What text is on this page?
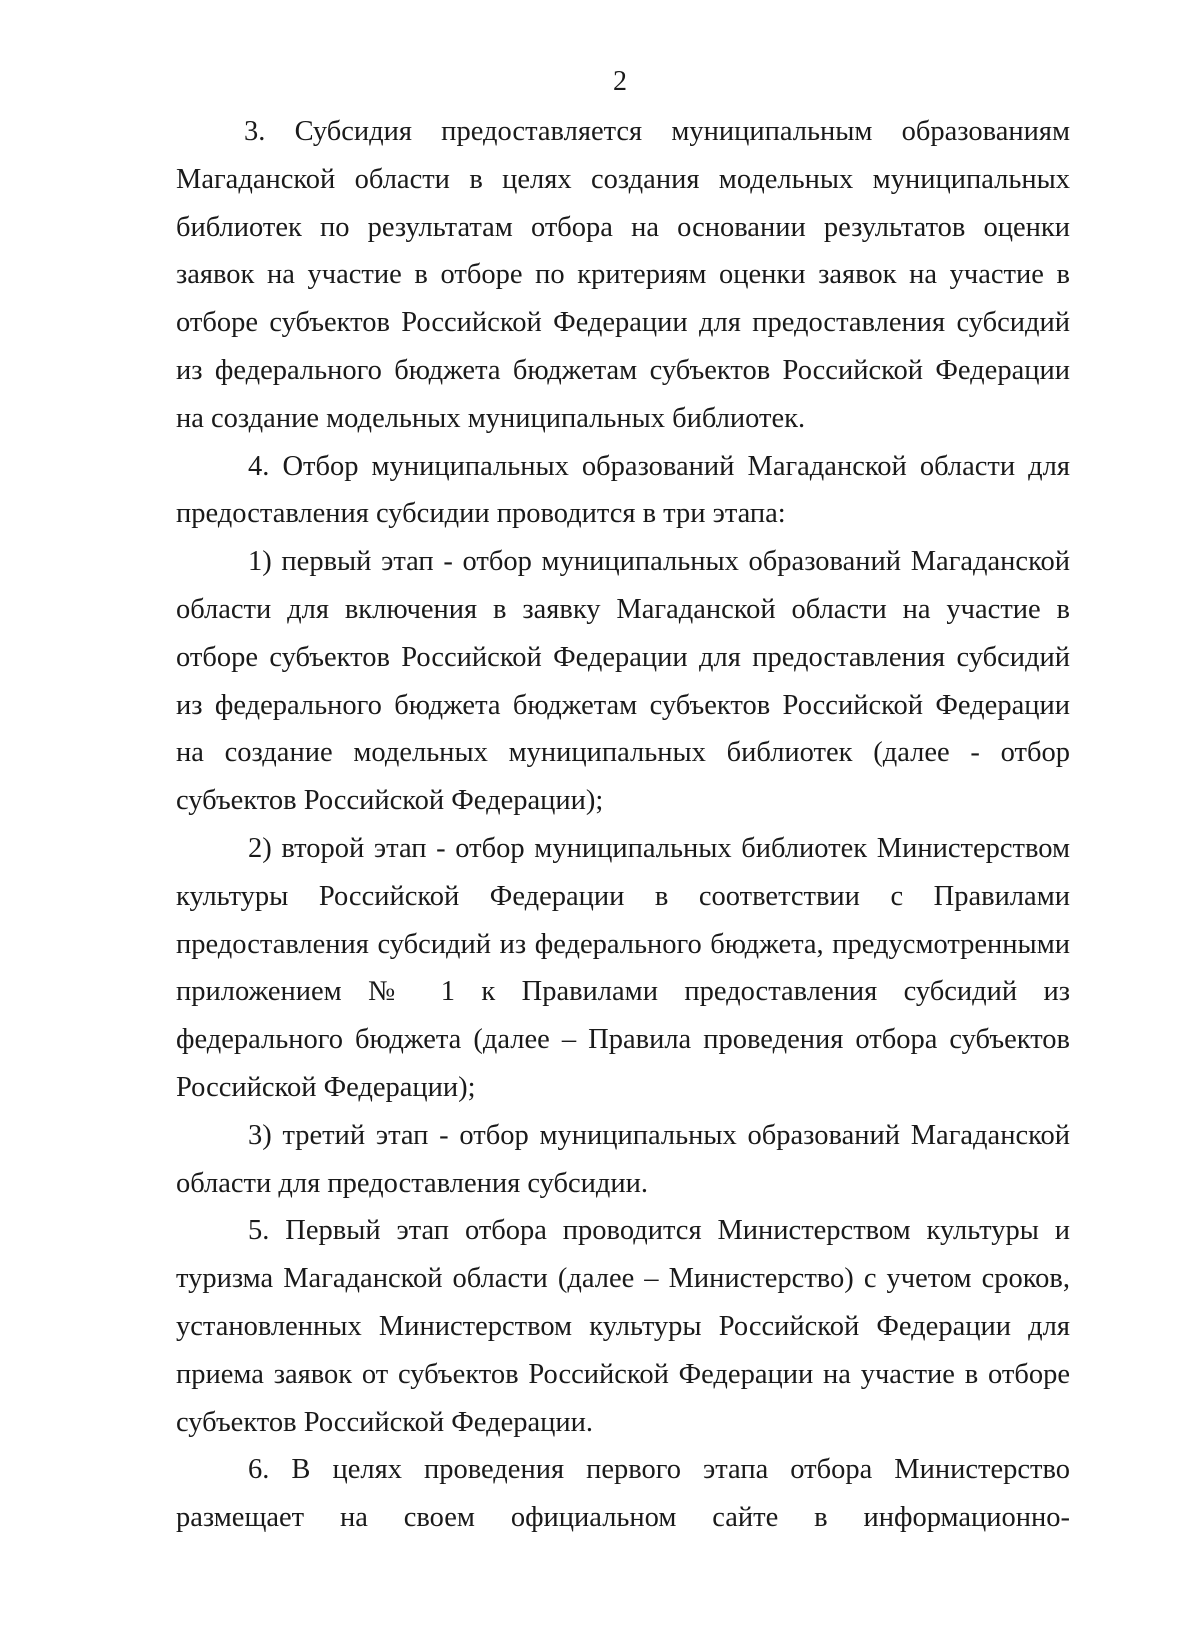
2

3. Субсидия предоставляется муниципальным образованиям Магаданской области в целях создания модельных муниципальных библиотек по результатам отбора на основании результатов оценки заявок на участие в отборе по критериям оценки заявок на участие в отборе субъектов Российской Федерации для предоставления субсидий из федерального бюджета бюджетам субъектов Российской Федерации на создание модельных муниципальных библиотек.

4. Отбор муниципальных образований Магаданской области для предоставления субсидии проводится в три этапа:

1) первый этап - отбор муниципальных образований Магаданской области для включения в заявку Магаданской области на участие в отборе субъектов Российской Федерации для предоставления субсидий из федерального бюджета бюджетам субъектов Российской Федерации на создание модельных муниципальных библиотек (далее - отбор субъектов Российской Федерации);

2) второй этап - отбор муниципальных библиотек Министерством культуры Российской Федерации в соответствии с Правилами предоставления субсидий из федерального бюджета, предусмотренными приложением № 1 к Правилами предоставления субсидий из федерального бюджета (далее – Правила проведения отбора субъектов Российской Федерации);

3) третий этап - отбор муниципальных образований Магаданской области для предоставления субсидии.

5. Первый этап отбора проводится Министерством культуры и туризма Магаданской области (далее – Министерство) с учетом сроков, установленных Министерством культуры Российской Федерации для приема заявок от субъектов Российской Федерации на участие в отборе субъектов Российской Федерации.

6. В целях проведения первого этапа отбора Министерство размещает на своем официальном сайте в информационно-
